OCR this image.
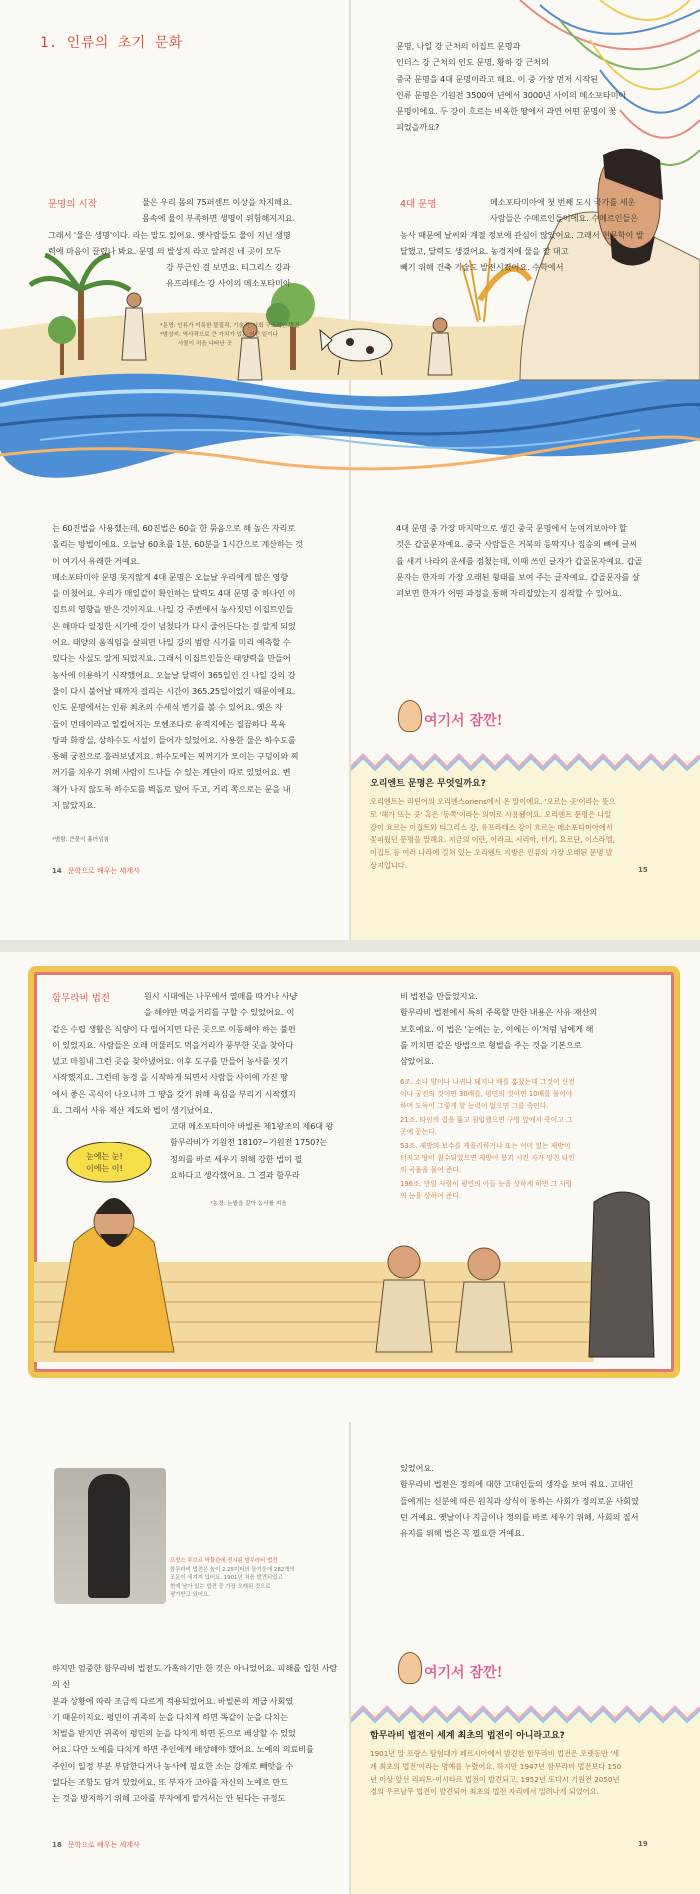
1. 인류의 초기 문화	문명, 나일 강 근처의 이집트 문명과

인더스 강 근처의 인도 문명, 황하 강 근처의

중국 문명을 4대 문명이라고 해요. 이 중 가장 먼저 시작된

인류 문명은 기원전 3500여 년에서 3000년 사이의 메소포타미아

문명이에요. 두 강이 흐르는 비옥한 땅에서 과연 어떤 문명이 꽃

피었을까요?

문명의 시작	물은 우리 몸의 75퍼센트 이상을 차지해요.

몸속에 물이 부족하면 생명이 위험해지지요.

그래서 '물은 생명'이다. 라는 말도 있어요. 옛사람들도 물이 지닌 생명

력에 마음이 끌렸나 봐요. 문명 의 발상지 라고 알려진 네 곳이 모두

강 부근인 걸 보면요. 티그리스 강과

유프라테스 강 사이의 메소포타미아

*문명: 인류가 이룩한 물질적, 기술적, 사회 구조적인 발전
*발상지: 역사적으로 큰 가치가 있는 어떤 일이나
사물이 처음 나타난 곳
4대 문명	메소포타미아에 첫 번째 도시 국가를 세운

사람들은 수메르인들이에요. 수메르인들은

농사 때문에 날씨와 계절 정보에 관심이 많았어요. 그래서 천문학이 발

달했고, 달력도 생겼어요. 농경지에 물을 잘 대고

빼기 위해 건축 기술도 발전시켰어요. 수학에서

는 60진법을 사용했는데, 60진법은 60을 한 묶음으로 해 높은 자리로

올리는 방법이에요. 오늘날 60초를 1분, 60분을 1시간으로 계산하는 것

이 여기서 유래한 거예요.

메소포타미아 문명 못지않게 4대 문명은 오늘날 우리에게 많은 영향

을 미쳤어요. 우리가 매일같이 확인하는 달력도 4대 문명 중 하나인 이

집트의 영향을 받은 것이지요. 나일 강 주변에서 농사짓던 이집트인들

은 해마다 일정한 시기에 강이 넘쳤다가 다시 줄어든다는 걸 알게 되었

어요. 태양의 움직임을 살피면 나일 강의 범람 시기를 미리 예측할 수

있다는 사실도 알게 되었지요. 그래서 이집트인들은 태양력을 만들어

농사에 이용하기 시작했어요. 오늘날 달력이 365일인 건 나일 강의 강

물이 다시 불어날 때까지 걸리는 시간이 365.25일이었기 때문이에요.

인도 문명에서는 인류 최초의 수세식 변기를 볼 수 있어요. 옛은 자

들이 먼데이라고 일컬어지는 모헨조다로 유적지에는 질끔하다 목욕

탕과 화장실, 상하수도 시설이 들어가 있었어요. 사용한 물은 하수도를

통해 궁전으로 흘러보냈지요. 하수도에는 찌꺼기가 모이는 구덩이와 찌

꺼기를 치우기 위해 사람이 드나들 수 있는 계단이 따로 있었어요. 변

재가 나지 않도록 하수도를 벽돌로 덮어 두고, 거리 쪽으로는 문을 내

지 않았지요.

*범람: 큰물이 흘러넘침

4대 문명 중 가장 마지막으로 생긴 중국 문명에서 눈여겨보아야 할

것은 갑골문자예요. 중국 사람들은 거북의 등딱지나 짐승의 뼈에 글씨

를 새겨 나라의 운세를 점쳤는데, 이때 쓰인 글자가 갑골문자예요. 갑골

문자는 한자의 가장 오래된 형태를 보여 주는 글자예요. 갑골문자를 살

펴보면 한자가 어떤 과정을 통해 자리잡았는지 짐작할 수 있어요.

여기서 잠깐!
오리엔트 문명은 무엇일까요?
오리엔트는 라틴어의 오리엔스oriens에서 온 말이에요. '오르는 곳'이라는 뜻으
로 '해가 뜨는 곳' 혹은 '동쪽'이라는 의미로 사용됐어요. 오리엔트 문명은 나일
강이 흐르는 이집트와 티그리스 강, 유프라테스 강이 흐르는 메소포타미아에서
꽃피웠던 문명을 말해요. 지금의 이란, 이라크, 시리아, 터키, 요르단, 이스라엘,
이집트 등 여러 나라에 걸쳐 있는 오리엔트 지방은 인류의 가장 오래된 문명 발
상지입니다.
14 문학으로 배우는 세계사	15
함무라비 법전	원시 시대에는 나무에서 열매를 따거나 사냥

을 해야만 먹을거리를 구할 수 있었어요. 이

같은 수렵 생활은 식량이 다 떨어지면 다른 곳으로 이동해야 하는 불편

이 있었지요. 사람들은 오래 머물러도 먹을거리가 풍부한 곳을 찾아다

녔고 마침내 그런 곳을 찾아냈어요. 이후 도구를 만들어 농사를 짓기

시작했지요. 그런데 농경 을 시작하게 되면서 사람들 사이에 가진 땅

에서 좋은 곡식이 나오니까 그 땅을 갖기 위해 욕심을 부리기 시작했지

요. 그래서 사유 재산 제도와 법이 생기났어요.

고대 메소포타미아 바빌론 제1왕조의 제6대 왕

함무라비가 기원전 1810?~기원전 1750?는

정의를 바로 세우기 위해 강한 법이 필

요하다고 생각했어요. 그 결과 함무라

*농경: 논밭을 갈아 농사를 지음

비 법전을 만들었지요.

함무라비 법전에서 특히 주목할 만한 내용은 사유 재산의

보호예요. 이 법은 '눈에는 눈, 이에는 이'처럼 남에게 해

를 끼치면 같은 방법으로 형벌을 주는 것을 기본으로

삼았어요.

6조. 소나 양이나 나귀나 돼지나 배를 훔쳤는데 그것이 신전이나 궁전의 것이면 30배를, 평민의 것이면 10배를 물어야 하며 도둑이 그렇게 할 능력이 없으면 그를 죽인다.
21조. 타인의 집을 뚫고 침입했으면 구멍 앞에서 죽이고 그곳에 묻는다.
53조. 제방의 보수를 게을리하거나 또는 이미 있는 제방이 터지고 땅이 침수되었으면 제방이 붕괴 시킨 자가 망친 타인의 곡물을 물어 준다.
196조. 만일 사람이 평민의 아들 눈을 상하게 하면 그 사람의 눈을 상하여 준다.
눈에는 눈!
이에는 이!
프랑스 루브르 박물관에 전시된 함무라비 법전
함무라비 법전은 높이 2.25미터의 돌기둥에 282개의
조문이 새겨져 있어요. 1901년 처음 발견되었고
현재 남아 있는 법전 중 가장 오래된 것으로
평가받고 있어요.

하지만 엄중한 함무라비 법전도 가혹하기만 한 것은 아니었어요. 피해를 입힌 사람의 신

분과 상황에 따라 조금씩 다르게 적용되었어요. 바빌론의 계급 사회였

기 때문이지요. 평민이 귀족의 눈을 다치게 하면 똑같이 눈을 다치는

처벌을 받지만 귀족이 평민의 눈을 다치게 하면 돈으로 배상할 수 있었

어요. 다만 노예를 다치게 하면 주인에게 배상해야 했어요. 노예의 의료비를

주인이 일정 부분 부담한다거나 농사에 필요한 소는 강제로 빼앗을 수

없다는 조항도 담겨 있었어요. 또 부자가 고아를 자신의 노예로 만드

는 것을 방지하기 위해 고아를 부자에게 맡겨서는 안 된다는 규정도

있었어요.

함무라비 법전은 정의에 대한 고대인들의 생각을 보여 줘요. 고대인

들에게는 신분에 따른 원칙과 상식이 통하는 사회가 정의로운 사회였

던 거예요. 옛날이나 지금이나 정의를 바로 세우기 위해, 사회의 질서

유지를 위해 법은 꼭 필요한 거예요.

여기서 잠깐!
함무라비 법전이 세계 최초의 법전이 아니라고요?
1901년 말 프랑스 탐험대가 페르시아에서 발견한 함무라비 법전은 오랫동안 '세
계 최초의 법전'이라는 명예를 누렸어요. 하지만 1947년 함무라비 법전보다 150
년 이상 앞선 리피트-이시타르 법전이 발견되고, 1952년 또다시 기원전 2050년
경의 우르남무 법전이 발견되어 최초의 법전 자리에서 밀려나게 되었어요.
18 문학으로 배우는 세계사	19
